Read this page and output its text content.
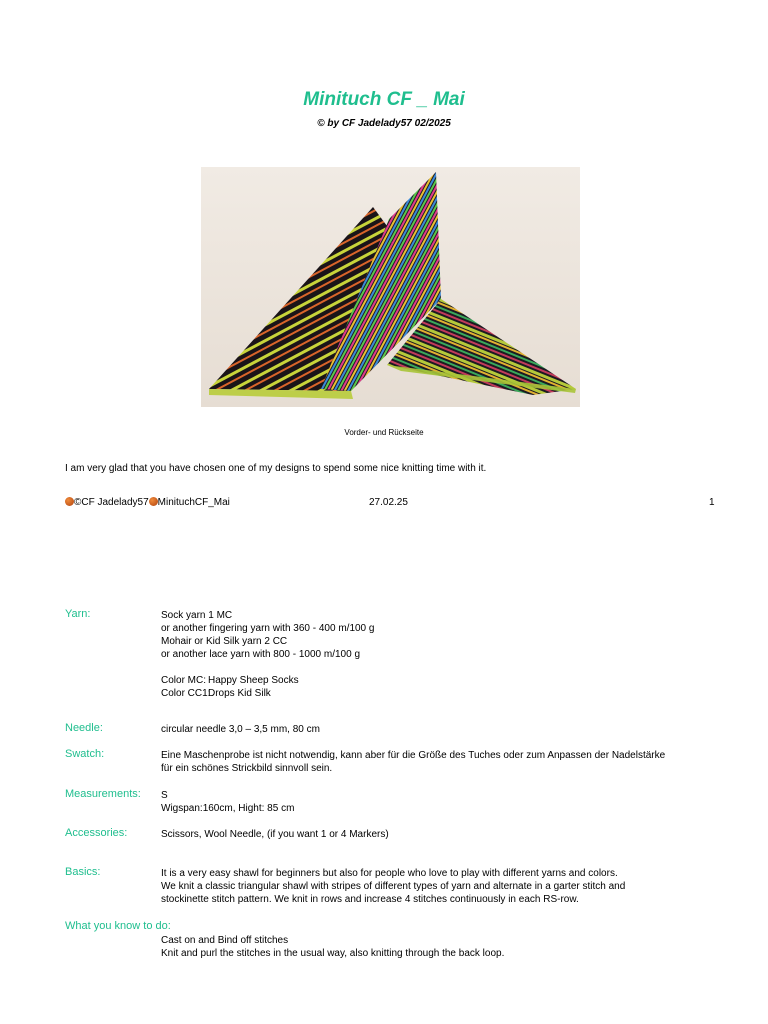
Minituch CF _ Mai
© by CF Jadelady57 02/2025
Vorder- und Rückseite
I am very glad that you have chosen one of my designs to spend some nice knitting time with it.
©CF Jadelady57 MinituchCF_Mai	27.02.25	1
Yarn:	Sock yarn 1 MC
or another fingering yarn with 360 - 400 m/100 g
Mohair or Kid Silk yarn 2 CC
or another lace yarn with 800 - 1000 m/100 g
Color MC: Happy Sheep Socks
Color CC1:Drops Kid Silk
Needle:	circular needle 3,0 – 3,5 mm, 80 cm
Swatch:	Eine Maschenprobe ist nicht notwendig, kann aber für die Größe des Tuches oder zum Anpassen der Nadelstärke
für ein schönes Strickbild sinnvoll sein.
Measurements: S
Wigspan:160cm, Hight: 85 cm
Accessories:	Scissors, Wool Needle, (if you want 1 or 4 Markers)
Basics:	It is a very easy shawl for beginners but also for people who love to play with different yarns and colors.
We knit a classic triangular shawl with stripes of different types of yarn and alternate in a garter stitch and
stockinette stitch pattern. We knit in rows and increase 4 stitches continuously in each RS-row.
What you know to do:
Cast on and Bind off stitches
Knit and purl the stitches in the usual way, also knitting through the back loop.
